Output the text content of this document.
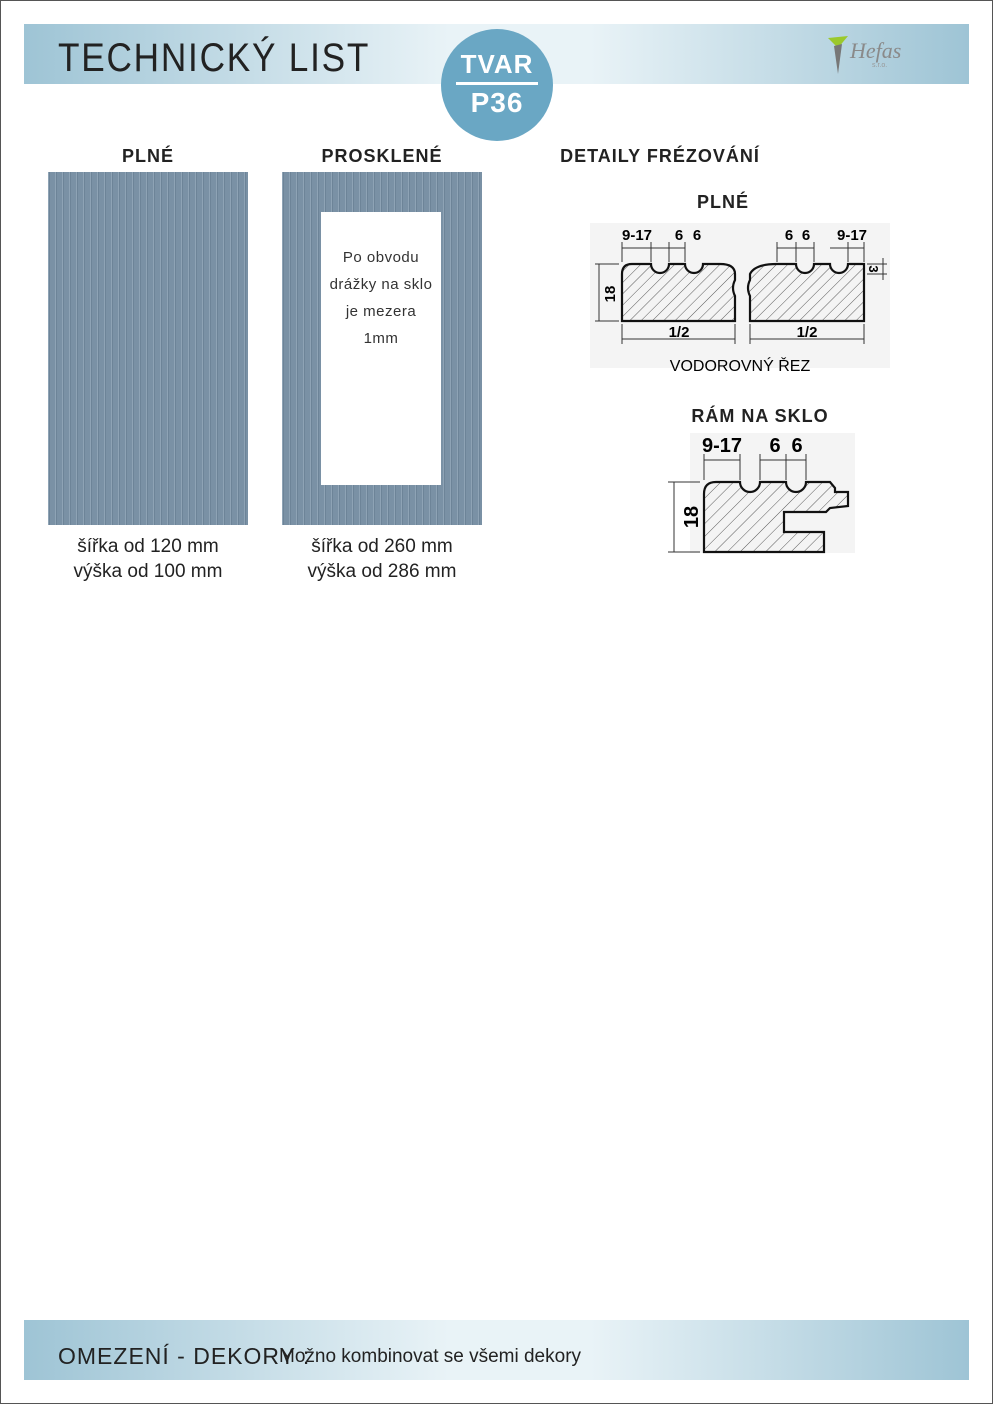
TECHNICKÝ LIST	TVAR
P36
Hefas
s.r.o.
PLNÉ	PROSKLENÉ	DETAILY FRÉZOVÁNÍ
Po obvodu
drážky na sklo
je mezera
1mm
šířka od 120 mm
výška od 100 mm
šířka od 260 mm
výška od 286 mm
PLNÉ
9-17 6 6	6 6 9-17
18
3
1/2	1/2
VODOROVNÝ ŘEZ
RÁM NA SKLO
9-17 6 6
18
OMEZENÍ - DEKORY :
Možno kombinovat se všemi dekory
